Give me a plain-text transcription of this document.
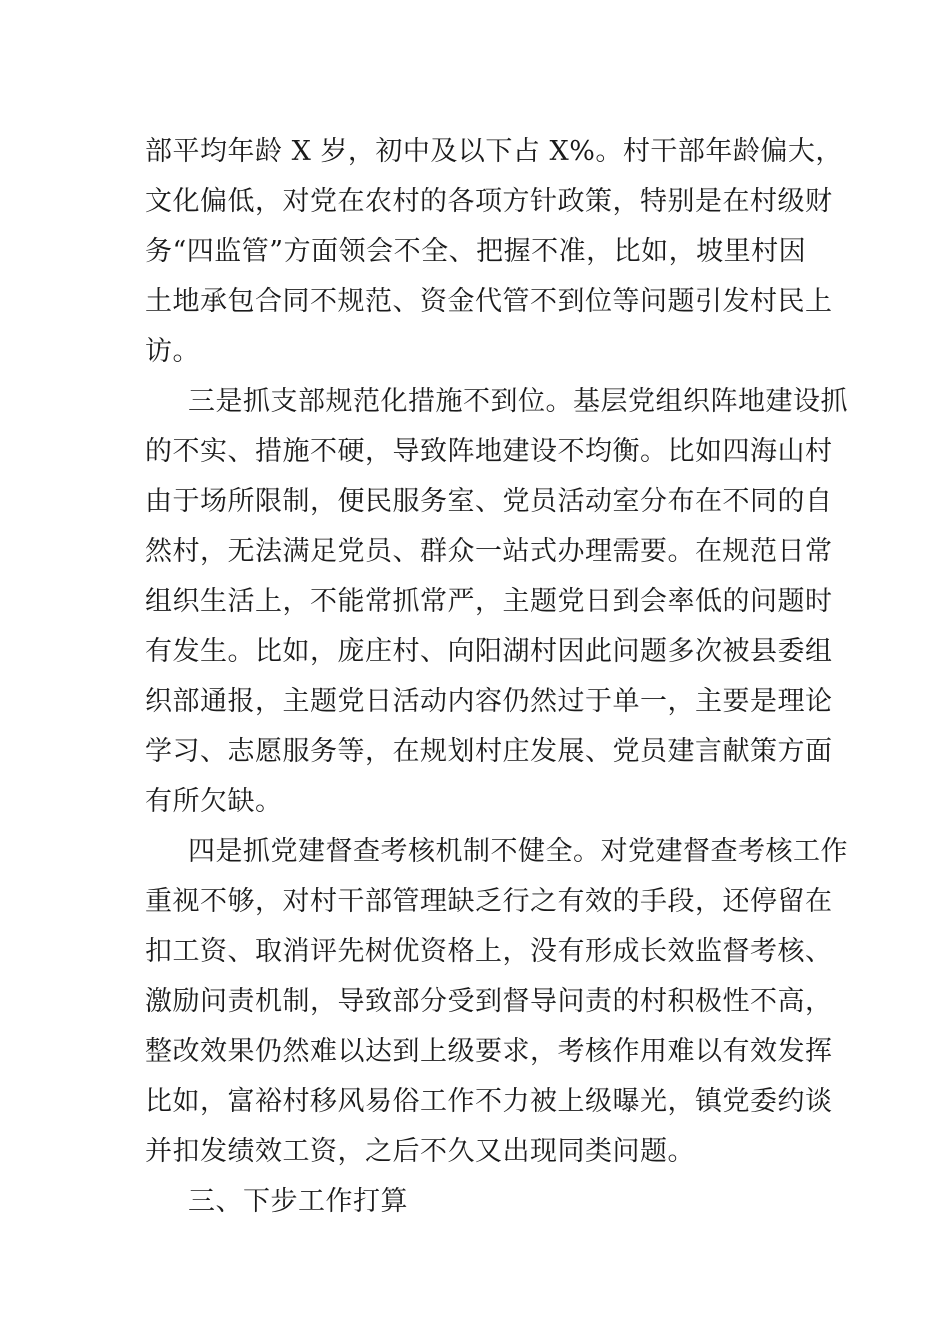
部平均年龄 X 岁，初中及以下占 X%。村干部年龄偏大，
文化偏低，对党在农村的各项方针政策，特别是在村级财
务“四监管”方面领会不全、把握不准，比如，坡里村因
土地承包合同不规范、资金代管不到位等问题引发村民上
访。
三是抓支部规范化措施不到位。基层党组织阵地建设抓
的不实、措施不硬，导致阵地建设不均衡。比如四海山村
由于场所限制，便民服务室、党员活动室分布在不同的自
然村，无法满足党员、群众一站式办理需要。在规范日常
组织生活上，不能常抓常严，主题党日到会率低的问题时
有发生。比如，庞庄村、向阳湖村因此问题多次被县委组
织部通报，主题党日活动内容仍然过于单一，主要是理论
学习、志愿服务等，在规划村庄发展、党员建言献策方面
有所欠缺。
四是抓党建督查考核机制不健全。对党建督查考核工作
重视不够，对村干部管理缺乏行之有效的手段，还停留在
扣工资、取消评先树优资格上，没有形成长效监督考核、
激励问责机制，导致部分受到督导问责的村积极性不高，
整改效果仍然难以达到上级要求，考核作用难以有效发挥
比如，富裕村移风易俗工作不力被上级曝光，镇党委约谈
并扣发绩效工资，之后不久又出现同类问题。
三、下步工作打算
